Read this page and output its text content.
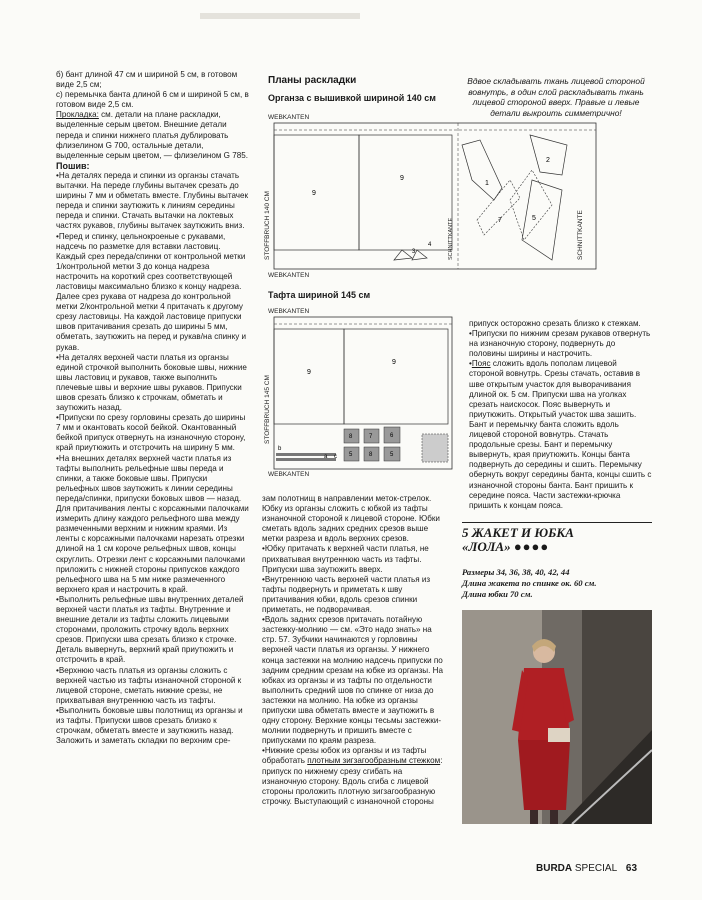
б) бант длиной 47 см и шириной 5 см, в готовом виде 2,5 см;

с) перемычка банта длиной 6 см и шириной 5 см, в готовом виде 2,5 см.

Прокладка: см. детали на плане раскладки, выделенные серым цветом. Внешние детали переда и спинки нижнего платья дублировать флизелином G 700, остальные детали, выделенные серым цветом, — флизелином G 785.

Пошив:

•На деталях переда и спинки из органзы стачать вытачки. На переде глубины вытачек срезать до ширины 7 мм и обметать вместе. Глубины вытачек переда и спинки заутюжить к линиям середины переда и спинки. Стачать вытачки на локтевых частях рукавов, глубины вытачек заутюжить вниз.

•Перед и спинку, цельнокроеные с рукавами, надсечь по разметке для вставки ластовиц. Каждый срез переда/спинки от контрольной метки 1/контрольной метки 3 до конца надреза настрочить на короткий срез соответствующей ластовицы максимально близко к концу надреза. Далее срез рукава от надреза до контрольной метки 2/контрольной метки 4 притачать к другому срезу ластовицы. На каждой ластовице припуски швов притачивания срезать до ширины 5 мм, обметать, заутюжить на перед и рукав/на спинку и рукав.

•На деталях верхней части платья из органзы единой строчкой выполнить боковые швы, нижние швы ластовиц и рукавов, также выполнить плечевые швы и верхние швы рукавов. Припуски швов срезать близко к строчкам, обметать и заутюжить назад.

•Припуски по срезу горловины срезать до ширины 7 мм и окантовать косой бейкой. Окантованный бейкой припуск отвернуть на изнаночную сторону, край приутюжить и отстрочить на ширину 5 мм.

•На внешних деталях верхней части платья из тафты выполнить рельефные швы переда и спинки, а также боковые швы. Припуски рельефных швов заутюжить к линии середины переда/спинки, припуски боковых швов — назад. Для притачивания ленты с корсажными палочками измерить длину каждого рельефного шва между размеченными верхним и нижним краями. Из ленты с корсажными палочками нарезать отрезки длиной на 1 см короче рельефных швов, концы скруглить. Отрезки лент с корсажными палочками приложить с нижней стороны припусков каждого рельефного шва на 5 мм ниже размеченного верхнего края и настрочить в край.

•Выполнить рельефные швы внутренних деталей верхней части платья из тафты. Внутренние и внешние детали из тафты сложить лицевыми сторонами, проложить строчку вдоль верхних срезов. Припуски шва срезать близко к строчке. Деталь вывернуть, верхний край приутюжить и отстрочить в край.

•Верхнюю часть платья из органзы сложить с верхней частью из тафты изнаночной стороной к лицевой стороне, сметать нижние срезы, не прихватывая внутреннюю часть из тафты.

•Выполнить боковые швы полотнищ из органзы и из тафты. Припуски швов срезать близко к строчкам, обметать вместе и заутюжить назад. Заложить и заметать складки по верхним сре-

Планы раскладки
Органза с вышивкой шириной 140 см
Вдвое складывать ткань лицевой стороной вовнутрь, в один слой раскладывать ткань лицевой стороной вверх. Правые и левые детали выкроить симметрично!
WEBKANTEN
WEBKANTEN
STOFFBRUCH 140 CM	SCHNITTKANTE	SCHNITTKANTE
9
9
1
2
7	5
3
4
Тафта шириной 145 см
WEBKANTEN
WEBKANTEN
STOFFBRUCH 145 CM
9
9
8	7	6
5	8	5
b
a c

зам полотнищ в направлении меток-стрелок. Юбку из органзы сложить с юбкой из тафты изнаночной стороной к лицевой стороне. Юбки сметать вдоль задних средних срезов выше метки разреза и вдоль верхних срезов.

•Юбку притачать к верхней части платья, не прихватывая внутреннюю часть из тафты. Припуски шва заутюжить вверх.

•Внутреннюю часть верхней части платья из тафты подвернуть и приметать к шву притачивания юбки, вдоль срезов спинки приметать, не подворачивая.

•Вдоль задних срезов притачать потайную застежку-молнию — см. «Это надо знать» на стр. 57. Зубчики начинаются у горловины верхней части платья из органзы. У нижнего конца застежки на молнию надсечь припуски по задним средним срезам на юбке из органзы. На юбках из органзы и из тафты по отдельности выполнить средний шов по спинке от низа до застежки на молнию. На юбке из органзы припуски шва обметать вместе и заутюжить в одну сторону. Верхние концы тесьмы застежки-молнии подвернуть и пришить вместе с припусками по краям разреза.

•Нижние срезы юбок из органзы и из тафты обработать плотным зигзагообразным стежком: припуск по нижнему срезу сгибать на изнаночную сторону. Вдоль сгиба с лицевой стороны проложить плотную зигзагообразную строчку. Выступающий с изнаночной стороны

припуск осторожно срезать близко к стежкам.

•Припуски по нижним срезам рукавов отвернуть на изнаночную сторону, подвернуть до половины ширины и настрочить.

•Пояс сложить вдоль пополам лицевой стороной вовнутрь. Срезы стачать, оставив в шве открытым участок для выворачивания длиной ок. 5 см. Припуски шва на уголках срезать наискосок. Пояс вывернуть и приутюжить. Открытый участок шва зашить. Бант и перемычку банта сложить вдоль лицевой стороной вовнутрь. Стачать продольные срезы. Бант и перемычку вывернуть, края приутюжить. Концы банта подвернуть до середины и сшить. Перемычку обернуть вокруг середины банта, концы сшить с изнаночной стороны банта. Бант пришить к середине пояса. Части застежки-крючка пришить к концам пояса.

5 ЖАКЕТ И ЮБКА
«ЛОЛА» ●●●●
Размеры 34, 36, 38, 40, 42, 44
Длина жакета по спинке ок. 60 см.
Длина юбки 70 см.
BURDA SPECIAL 63
